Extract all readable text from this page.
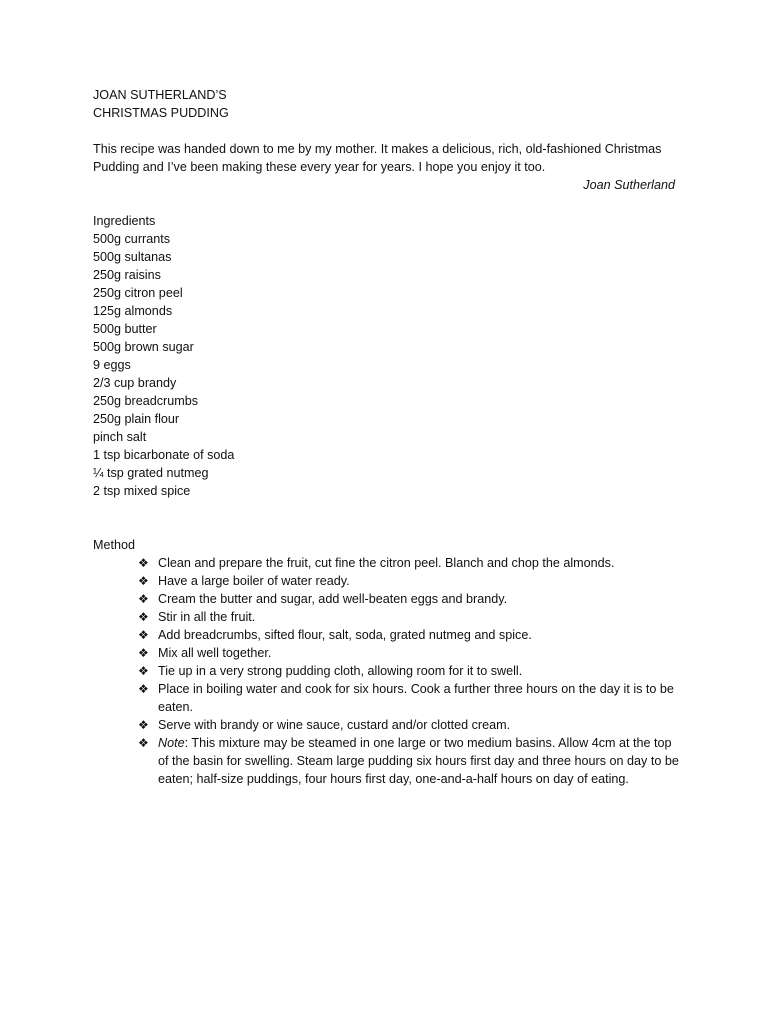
JOAN SUTHERLAND’S
CHRISTMAS PUDDING
This recipe was handed down to me by my mother. It makes a delicious, rich, old-fashioned Christmas Pudding and I’ve been making these every year for years. I hope you enjoy it too.
Joan Sutherland
Ingredients
500g currants
500g sultanas
250g raisins
250g citron peel
125g almonds
500g butter
500g brown sugar
9 eggs
2/3 cup brandy
250g breadcrumbs
250g plain flour
pinch salt
1 tsp bicarbonate of soda
¼ tsp grated nutmeg
2 tsp mixed spice
Method
❖ Clean and prepare the fruit, cut fine the citron peel. Blanch and chop the almonds.
❖ Have a large boiler of water ready.
❖ Cream the butter and sugar, add well-beaten eggs and brandy.
❖ Stir in all the fruit.
❖ Add breadcrumbs, sifted flour, salt, soda, grated nutmeg and spice.
❖ Mix all well together.
❖ Tie up in a very strong pudding cloth, allowing room for it to swell.
❖ Place in boiling water and cook for six hours. Cook a further three hours on the day it is to be eaten.
❖ Serve with brandy or wine sauce, custard and/or clotted cream.
❖ Note: This mixture may be steamed in one large or two medium basins. Allow 4cm at the top of the basin for swelling. Steam large pudding six hours first day and three hours on day to be eaten; half-size puddings, four hours first day, one-and-a-half hours on day of eating.
